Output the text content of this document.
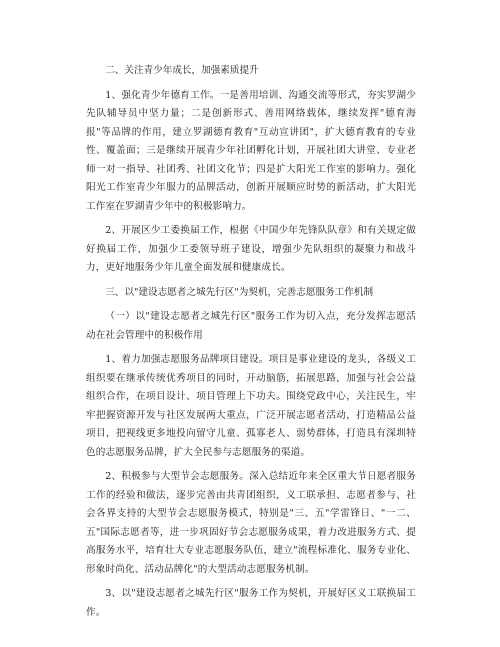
二、关注青少年成长，加强素质提升

1、强化青少年德育工作。一是善用培训、沟通交流等形式，夯实罗湖少先队辅导员中坚力量；二是创新形式、善用网络载体，继续发挥"德育海报"等品牌的作用，建立罗湖德育教育"互动宣讲团"，扩大德育教育的专业性、覆盖面；三是继续开展青少年社团孵化计划，开展社团大讲堂、专业老师一对一指导、社团秀、社团文化节；四是扩大阳光工作室的影响力。强化阳光工作室青少年服力的品牌活动，创新开展顺应时势的新活动，扩大阳光工作室在罗湖青少年中的积极影响力。

2、开展区少工委换届工作，根据《中国少年先锋队队章》和有关规定做好换届工作，加强少工委领导班子建设，增强少先队组织的凝聚力和战斗力，更好地服务少年儿童全面发展和健康成长。

三、以"建设志愿者之城先行区"为契机，完善志愿服务工作机制

（一）以"建设志愿者之城先行区"服务工作为切入点，充分发挥志愿活动在社会管理中的积极作用

1、着力加强志愿服务品牌项目建设。项目是事业建设的龙头，各级义工组织要在继承传统优秀项目的同时，开动脑筋，拓展思路，加强与社会公益组织合作，在项目设计、项目管理上下功夫。围绕党政中心，关注民生，牢牢把握资源开发与社区发展两大重点，广泛开展志愿者活动，打造精品公益项目，把视线更多地投向留守儿童、孤寡老人、弱势群体，打造具有深圳特色的志愿服务品牌，扩大全民参与志愿服务的渠道。

2、积极参与大型节会志愿服务。深入总结近年来全区重大节日愿者服务工作的经验和做法，逐步完善由共青团组织，义工联承担、志愿者参与、社会各界支持的大型节会志愿服务模式，特别是"三、五"学雷锋日、"一二、五"国际志愿者等，进一步巩固好节会志愿服务成果，着力改进服务方式、提高服务水平，培育壮大专业志愿服务队伍，建立"流程标准化、服务专业化、形象时尚化、活动品牌化"的大型活动志愿服务机制。

3、以"建设志愿者之城先行区"服务工作为契机，开展好区义工联换届工作。
